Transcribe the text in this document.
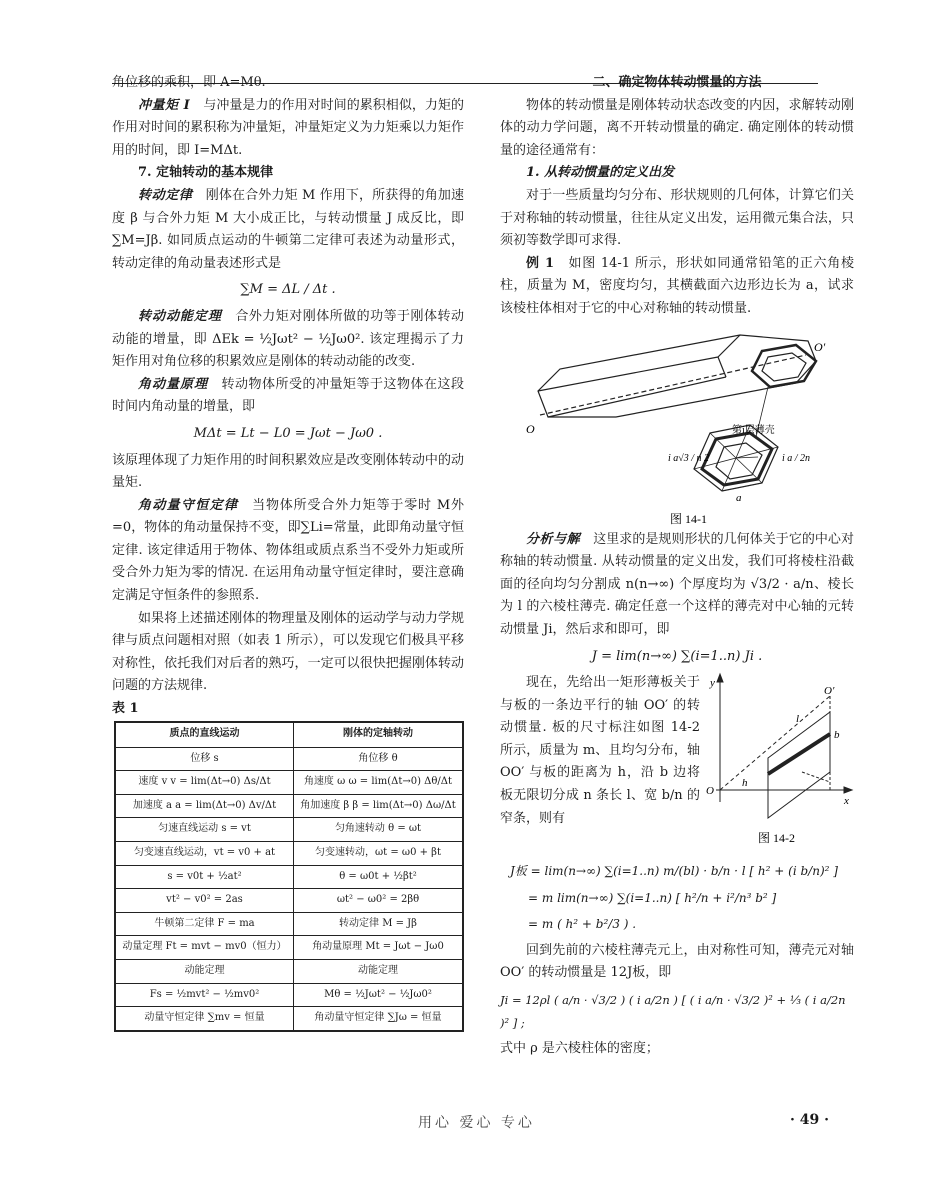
角位移的乘积，即 A=Mθ.

冲量矩 I　 与冲量是力的作用对时间的累积相似，力矩的作用对时间的累积称为冲量矩，冲量矩定义为力矩乘以力矩作用的时间，即 I=MΔt.

7. 定轴转动的基本规律

转动定律　 刚体在合外力矩 M 作用下，所获得的角加速度 β 与合外力矩 M 大小成正比，与转动惯量 J 成反比，即∑M=Jβ. 如同质点运动的牛顿第二定律可表述为动量形式，转动定律的角动量表述形式是

∑M = ΔL / Δt .

转动动能定理　 合外力矩对刚体所做的功等于刚体转动动能的增量，即 ΔEk = ½Jωt² − ½Jω0². 该定理揭示了力矩作用对角位移的积累效应是刚体的转动动能的改变.

角动量原理　 转动物体所受的冲量矩等于这物体在这段时间内角动量的增量，即

MΔt = Lt − L0 = Jωt − Jω0 .

该原理体现了力矩作用的时间积累效应是改变刚体转动中的动量矩.

角动量守恒定律　 当物体所受合外力矩等于零时 M外=0，物体的角动量保持不变，即∑Li=常量，此即角动量守恒定律. 该定律适用于物体、物体组或质点系当不受外力矩或所受合外力矩为零的情况. 在运用角动量守恒定律时，要注意确定满足守恒条件的参照系.

如果将上述描述刚体的物理量及刚体的运动学与动力学规律与质点问题相对照（如表 1 所示），可以发现它们极具平移对称性，依托我们对后者的熟巧，一定可以很快把握刚体转动问题的方法规律.

表 1

质点的直线运动	刚体的定轴转动
位移 s	角位移 θ
速度 v v = lim(Δt→0) Δs/Δt	角速度 ω ω = lim(Δt→0) Δθ/Δt
加速度 a a = lim(Δt→0) Δv/Δt	角加速度 β β = lim(Δt→0) Δω/Δt
匀速直线运动 s = vt	匀角速转动 θ = ωt
匀变速直线运动，vt = v0 + at	匀变速转动，ωt = ω0 + βt
s = v0t + ½at²	θ = ω0t + ½βt²
vt² − v0² = 2as	ωt² − ω0² = 2βθ
牛顿第二定律 F = ma	转动定律 M = Jβ
动量定理 Ft = mvt − mv0（恒力）	角动量原理 Mt = Jωt − Jω0
动能定理	动能定理
Fs = ½mvt² − ½mv0²	Mθ = ½Jωt² − ½Jω0²
动量守恒定律 ∑mv = 恒量	角动量守恒定律 ∑Jω = 恒量

二、确定物体转动惯量的方法

物体的转动惯量是刚体转动状态改变的内因，求解转动刚体的动力学问题，离不开转动惯量的确定. 确定刚体的转动惯量的途径通常有：

1. 从转动惯量的定义出发

对于一些质量均匀分布、形状规则的几何体，计算它们关于对称轴的转动惯量，往往从定义出发，运用微元集合法，只须初等数学即可求得.

例 1　 如图 14-1 所示，形状如同通常铅笔的正六角棱柱，质量为 M，密度均匀，其横截面六边形边长为 a，试求该棱柱体相对于它的中心对称轴的转动惯量.

O
O′
第i层薄壳
i a√3 / n 2	i a / 2n
a
图 14-1

分析与解　 这里求的是规则形状的几何体关于它的中心对称轴的转动惯量. 从转动惯量的定义出发，我们可将棱柱沿截面的径向均匀分割成 n(n→∞) 个厚度均为 √3/2 · a/n、棱长为 l 的六棱柱薄壳. 确定任意一个这样的薄壳对中心轴的元转动惯量 Ji，然后求和即可，即

J = lim(n→∞) ∑(i=1..n) Ji .

现在，先给出一矩形薄板关于与板的一条边平行的轴 OO′ 的转动惯量. 板的尺寸标注如图 14-2 所示，质量为 m、且均匀分布，轴 OO′ 与板的距离为 h，沿 b 边将板无限切分成 n 条长 l、宽 b/n 的窄条，则有

y
x
O
O′
l
b
h
图 14-2
J板 = lim(n→∞) ∑(i=1..n) m/(bl) · b/n · l [ h² + (i b/n)² ]
= m lim(n→∞) ∑(i=1..n) [ h²/n + i²/n³ b² ]
= m ( h² + b²/3 ) .

回到先前的六棱柱薄壳元上，由对称性可知，薄壳元对轴 OO′ 的转动惯量是 12J板，即

Ji = 12ρl ( a/n · √3/2 ) ( i a/2n ) [ ( i a/n · √3/2 )² + ⅓ ( i a/2n )² ] ;

式中 ρ 是六棱柱体的密度；

用心 爱心 专心	· 49 ·
